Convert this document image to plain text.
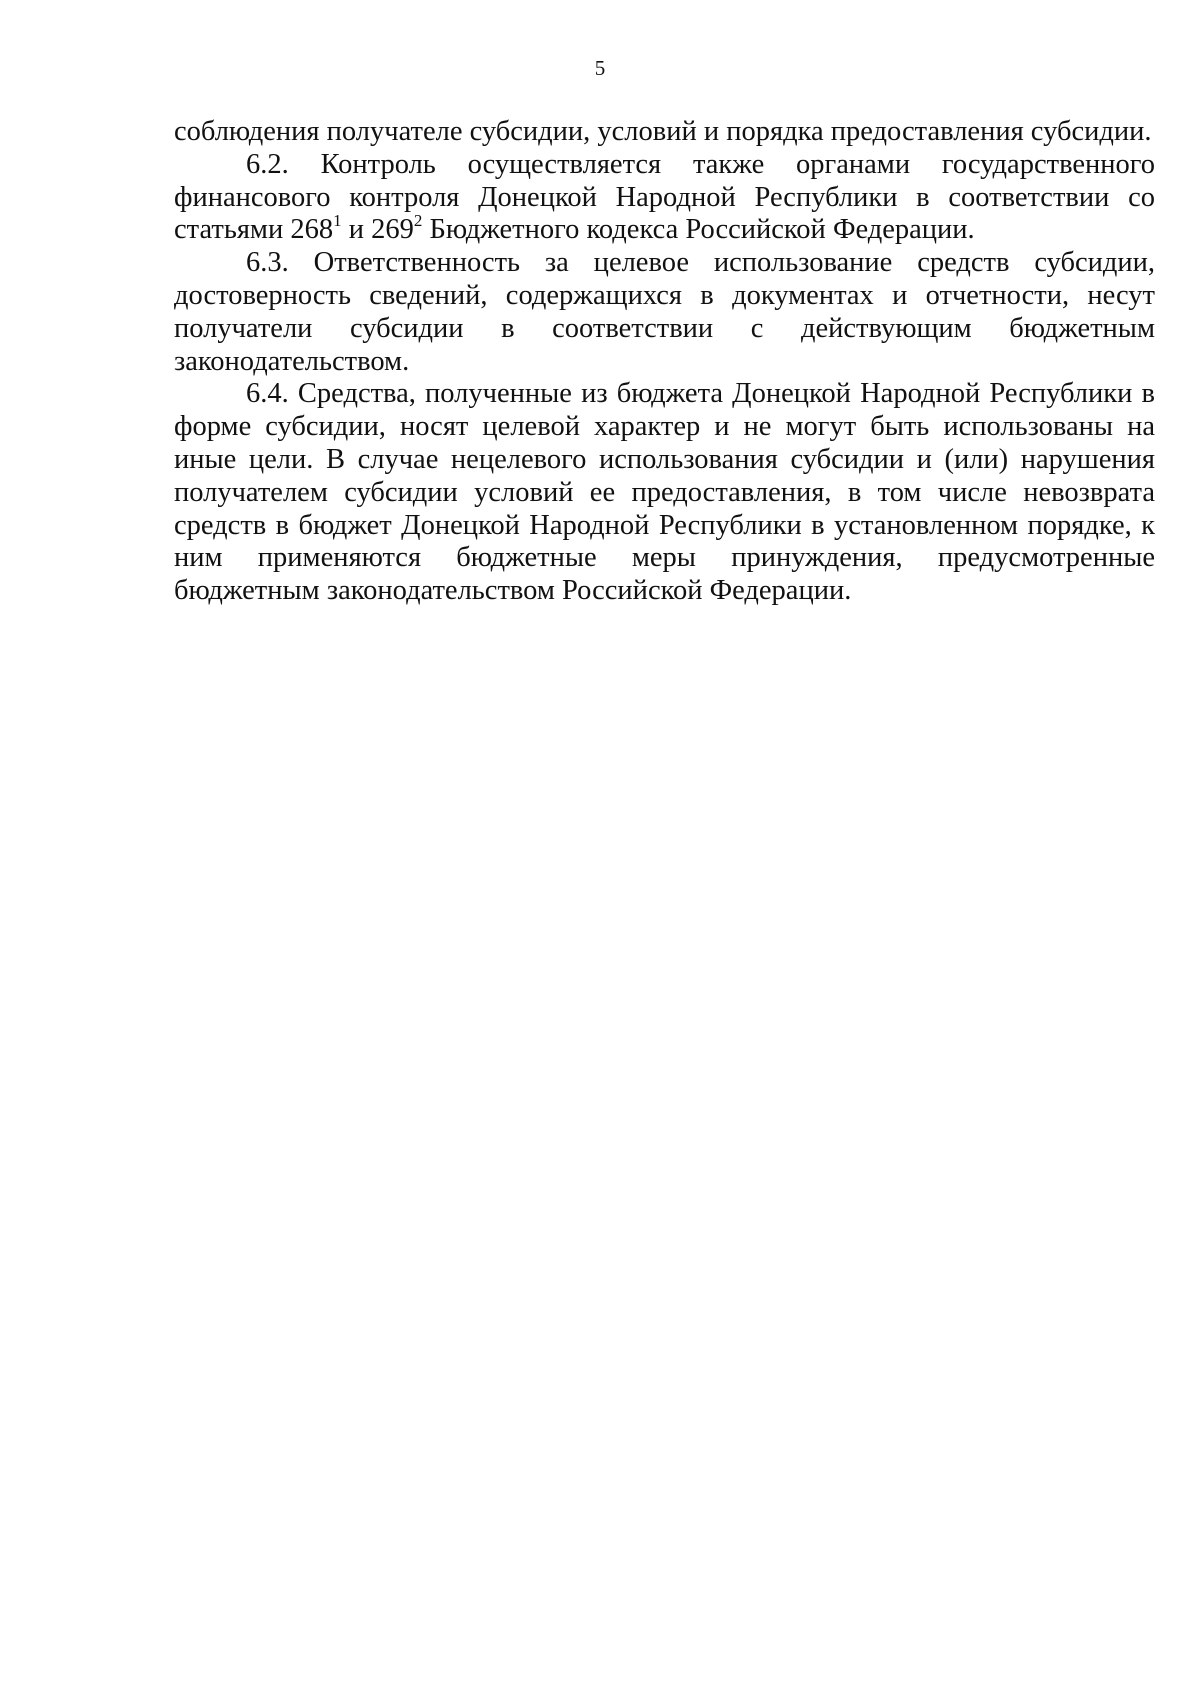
5

соблюдения получателе субсидии, условий и порядка предоставления субсидии.

6.2. Контроль осуществляется также органами государственного финансового контроля Донецкой Народной Республики в соответствии со статьями $268^1$ и $269^2$ Бюджетного кодекса Российской Федерации.

6.3. Ответственность за целевое использование средств субсидии, достоверность сведений, содержащихся в документах и отчетности, несут получатели субсидии в соответствии с действующим бюджетным законодательством.

6.4. Средства, полученные из бюджета Донецкой Народной Республики в форме субсидии, носят целевой характер и не могут быть использованы на иные цели. В случае нецелевого использования субсидии и (или) нарушения получателем субсидии условий ее предоставления, в том числе невозврата средств в бюджет Донецкой Народной Республики в установленном порядке, к ним применяются бюджетные меры принуждения, предусмотренные бюджетным законодательством Российской Федерации.
